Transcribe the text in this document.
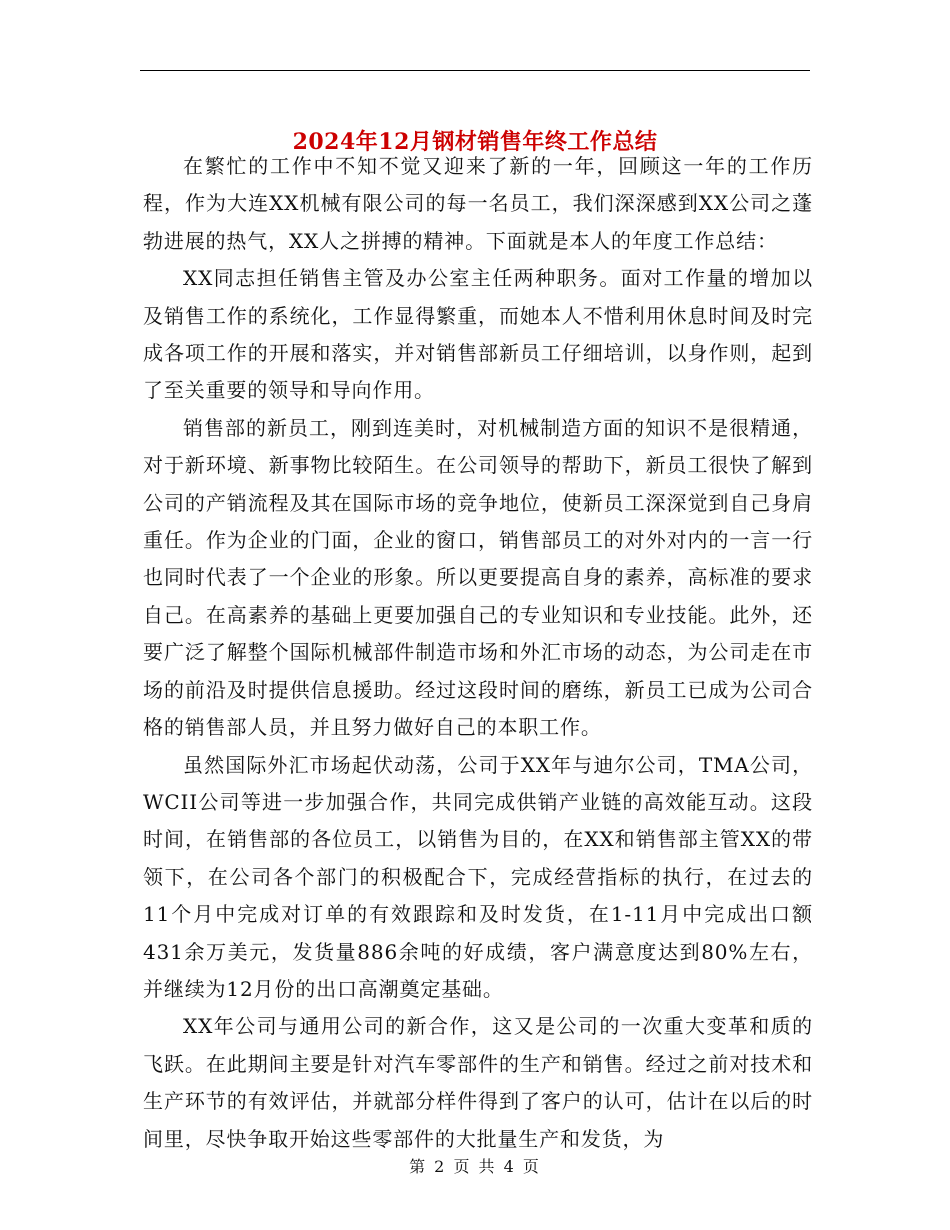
2024年12月钢材销售年终工作总结

在繁忙的工作中不知不觉又迎来了新的一年，回顾这一年的工作历程，作为大连XX机械有限公司的每一名员工，我们深深感到XX公司之蓬勃进展的热气，XX人之拼搏的精神。下面就是本人的年度工作总结：

XX同志担任销售主管及办公室主任两种职务。面对工作量的增加以及销售工作的系统化，工作显得繁重，而她本人不惜利用休息时间及时完成各项工作的开展和落实，并对销售部新员工仔细培训，以身作则，起到了至关重要的领导和导向作用。

销售部的新员工，刚到连美时，对机械制造方面的知识不是很精通，对于新环境、新事物比较陌生。在公司领导的帮助下，新员工很快了解到公司的产销流程及其在国际市场的竞争地位，使新员工深深觉到自己身肩重任。作为企业的门面，企业的窗口，销售部员工的对外对内的一言一行也同时代表了一个企业的形象。所以更要提高自身的素养，高标准的要求自己。在高素养的基础上更要加强自己的专业知识和专业技能。此外，还要广泛了解整个国际机械部件制造市场和外汇市场的动态，为公司走在市场的前沿及时提供信息援助。经过这段时间的磨练，新员工已成为公司合格的销售部人员，并且努力做好自己的本职工作。

虽然国际外汇市场起伏动荡，公司于XX年与迪尔公司，TMA公司，WCII公司等进一步加强合作，共同完成供销产业链的高效能互动。这段时间，在销售部的各位员工，以销售为目的，在XX和销售部主管XX的带领下，在公司各个部门的积极配合下，完成经营指标的执行，在过去的11个月中完成对订单的有效跟踪和及时发货，在1-11月中完成出口额431余万美元，发货量886余吨的好成绩，客户满意度达到80%左右，并继续为12月份的出口高潮奠定基础。

XX年公司与通用公司的新合作，这又是公司的一次重大变革和质的飞跃。在此期间主要是针对汽车零部件的生产和销售。经过之前对技术和生产环节的有效评估，并就部分样件得到了客户的认可，估计在以后的时间里，尽快争取开始这些零部件的大批量生产和发货，为

第 2 页 共 4 页
